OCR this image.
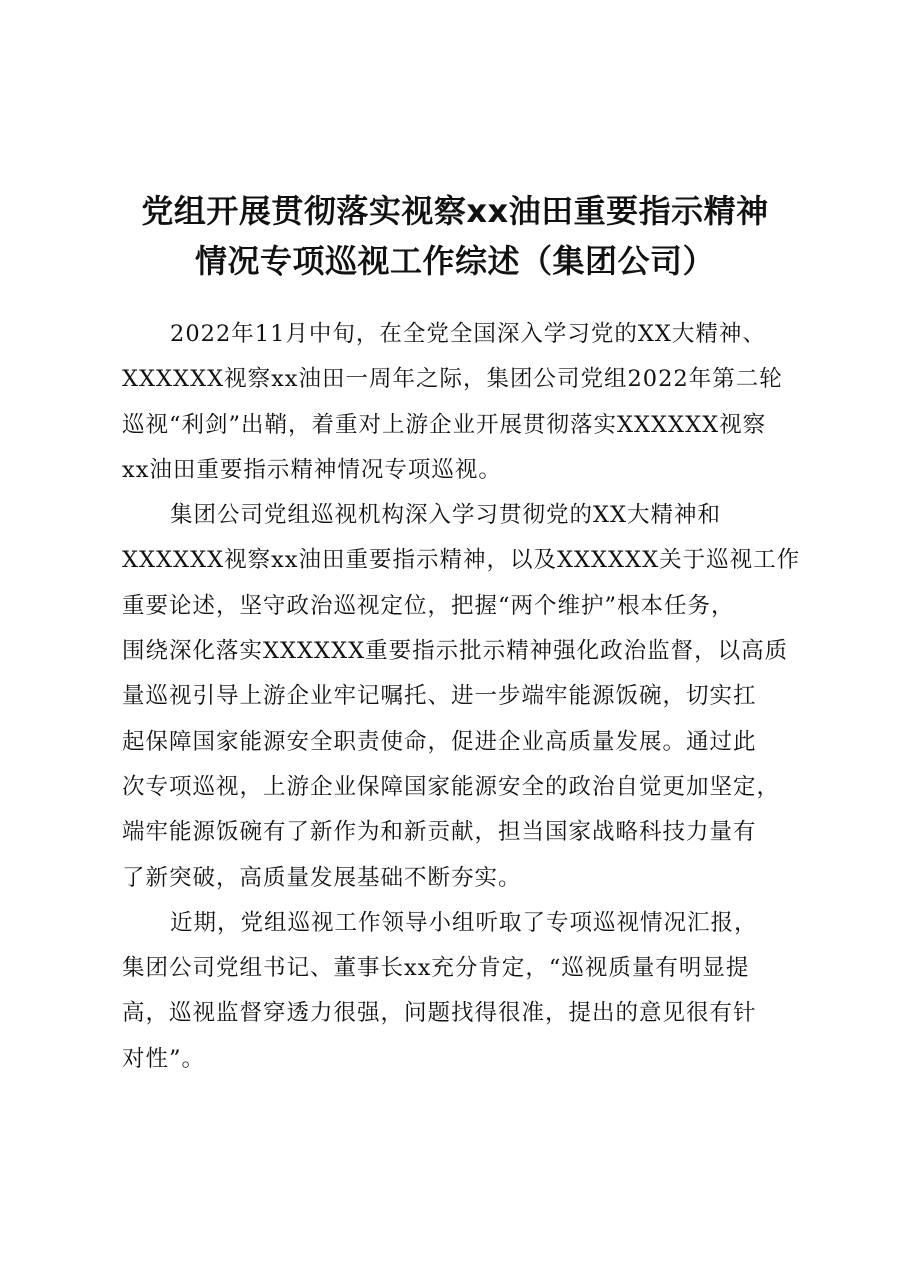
党组开展贯彻落实视察xx油田重要指示精神
情况专项巡视工作综述（集团公司）

2022年11月中旬，在全党全国深入学习党的XX大精神、
XXXXXX视察xx油田一周年之际，集团公司党组2022年第二轮
巡视“利剑”出鞘，着重对上游企业开展贯彻落实XXXXXX视察
xx油田重要指示精神情况专项巡视。

集团公司党组巡视机构深入学习贯彻党的XX大精神和
XXXXXX视察xx油田重要指示精神，以及XXXXXX关于巡视工作
重要论述，坚守政治巡视定位，把握“两个维护”根本任务，
围绕深化落实XXXXXX重要指示批示精神强化政治监督，以高质
量巡视引导上游企业牢记嘱托、进一步端牢能源饭碗，切实扛
起保障国家能源安全职责使命，促进企业高质量发展。通过此
次专项巡视，上游企业保障国家能源安全的政治自觉更加坚定，
端牢能源饭碗有了新作为和新贡献，担当国家战略科技力量有
了新突破，高质量发展基础不断夯实。

近期，党组巡视工作领导小组听取了专项巡视情况汇报，
集团公司党组书记、董事长xx充分肯定，“巡视质量有明显提
高，巡视监督穿透力很强，问题找得很准，提出的意见很有针
对性”。
